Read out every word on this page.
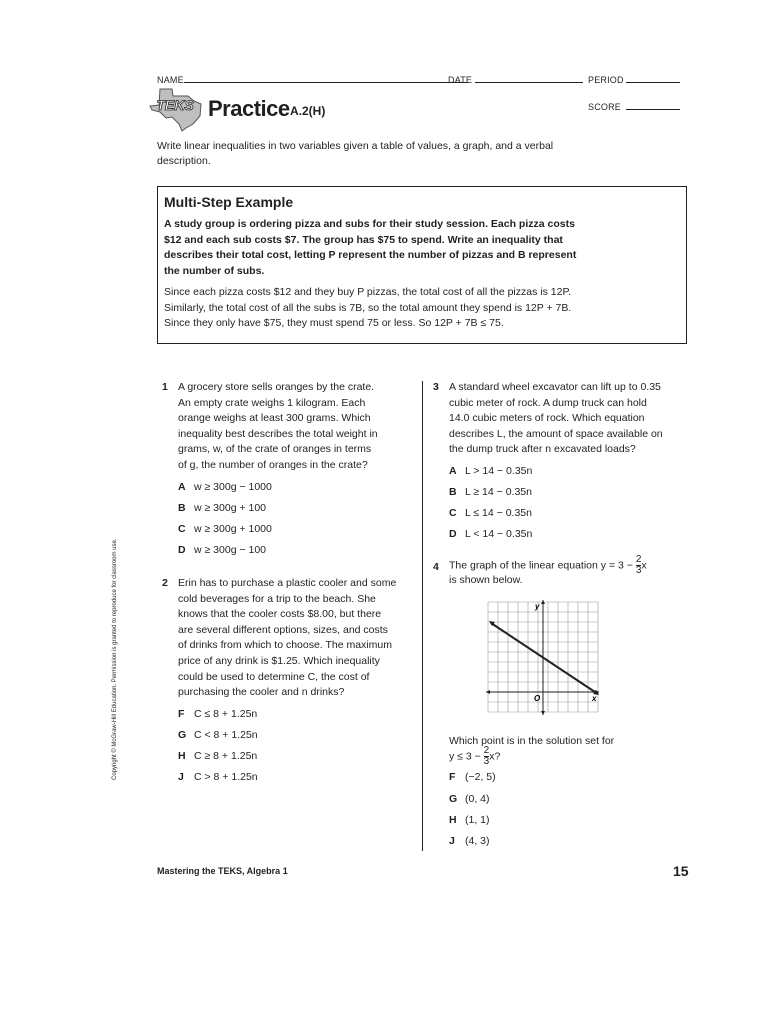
NAME	DATE	PERIOD
SCORE
TEKS Practice A.2(H)
Write linear inequalities in two variables given a table of values, a graph, and a verbal description.
Multi-Step Example
A study group is ordering pizza and subs for their study session. Each pizza costs
$12 and each sub costs $7. The group has $75 to spend. Write an inequality that
describes their total cost, letting P represent the number of pizzas and B represent
the number of subs.
Since each pizza costs $12 and they buy P pizzas, the total cost of all the pizzas is 12P.
Similarly, the total cost of all the subs is 7B, so the total amount they spend is 12P + 7B.
Since they only have $75, they must spend 75 or less. So 12P + 7B ≤ 75.
1 A grocery store sells oranges by the crate.
An empty crate weighs 1 kilogram. Each
orange weighs at least 300 grams. Which
inequality best describes the total weight in
grams, w, of the crate of oranges in terms
of g, the number of oranges in the crate?
A w ≥ 300g − 1000
B w ≥ 300g + 100
C w ≥ 300g + 1000
D w ≥ 300g − 100
2 Erin has to purchase a plastic cooler and some
cold beverages for a trip to the beach. She
knows that the cooler costs $8.00, but there
are several different options, sizes, and costs
of drinks from which to choose. The maximum
price of any drink is $1.25. Which inequality
could be used to determine C, the cost of
purchasing the cooler and n drinks?
F C ≤ 8 + 1.25n
G C < 8 + 1.25n
H C ≥ 8 + 1.25n
J C > 8 + 1.25n
3 A standard wheel excavator can lift up to 0.35
cubic meter of rock. A dump truck can hold
14.0 cubic meters of rock. Which equation
describes L, the amount of space available on
the dump truck after n excavated loads?
A L > 14 − 0.35n
B L ≥ 14 − 0.35n
C L ≤ 14 − 0.35n
D L < 14 − 0.35n
4 The graph of the linear equation $y = 3 - \frac{2}{3}$ x
is shown below.
y
x
O
Which point is in the solution set for
$y \le 3 - \frac{2}{3} x$?
F (−2, 5)
G (0, 4)
H (1, 1)
J (4, 3)
Copyright © McGraw-Hill Education. Permission is granted to reproduce for classroom use.
Mastering the TEKS, Algebra 1	15
